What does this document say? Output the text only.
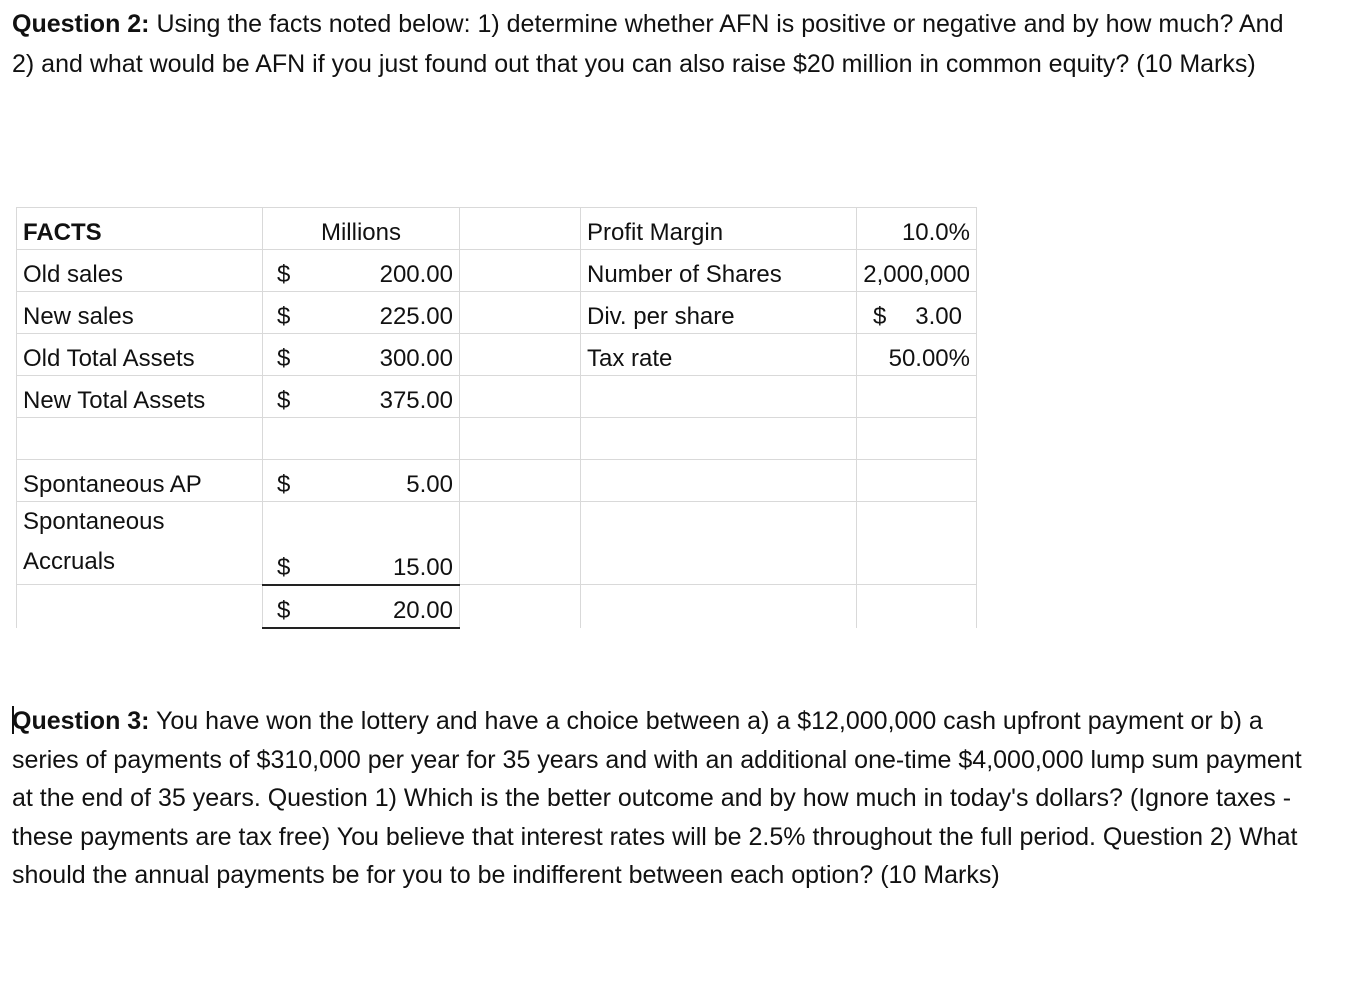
Question 2: Using the facts noted below: 1) determine whether AFN is positive or negative and by how much? And 2) and what would be AFN if you just found out that you can also raise $20 million in common equity? (10 Marks)

FACTS	Millions		Profit Margin	10.0%
Old sales	$ 200.00		Number of Shares	2,000,000
New sales	$ 225.00		Div. per share	$ 3.00

Old Total Assets	$ 300.00		Tax rate	50.00%
New Total Assets	$ 375.00			

Spontaneous AP	$ 5.00			

Spontaneous Accruals	$ 15.00			

	$ 20.00			

Question 3: You have won the lottery and have a choice between a) a $12,000,000 cash upfront payment or b) a series of payments of $310,000 per year for 35 years and with an additional one-time $4,000,000 lump sum payment at the end of 35 years. Question 1) Which is the better outcome and by how much in today's dollars? (Ignore taxes - these payments are tax free) You believe that interest rates will be 2.5% throughout the full period. Question 2) What should the annual payments be for you to be indifferent between each option? (10 Marks)
